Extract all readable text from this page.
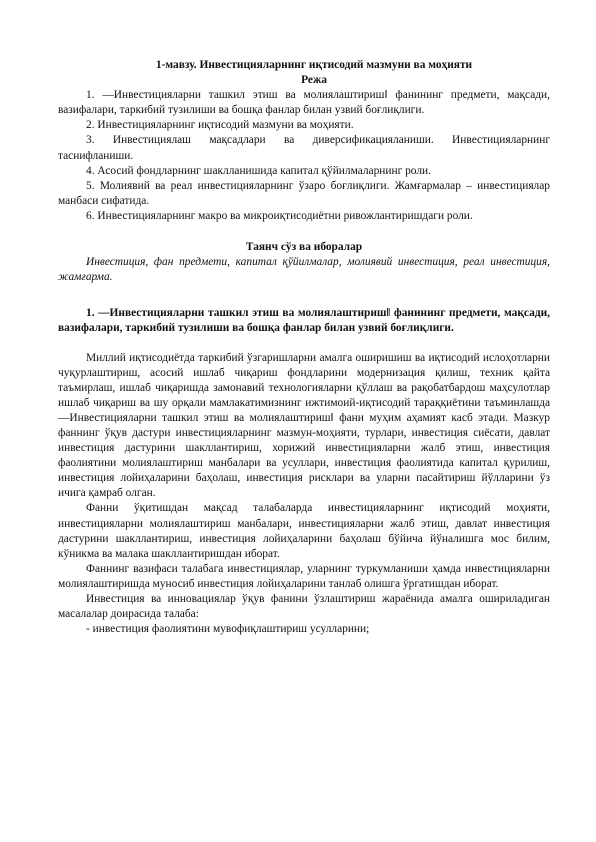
1-мавзу. Инвестицияларнинг иқтисодий мазмуни ва моҳияти

Режа

1. ―Инвестицияларни ташкил этиш ва молиялаштириш‖ фанининг предмети, мақсади, вазифалари, таркибий тузилиши ва бошқа фанлар билан узвий боғлиқлиги.

2. Инвестицияларнинг иқтисодий мазмуни ва моҳияти.

3. Инвестициялаш мақсадлари ва диверсификацияланиши. Инвестицияларнинг таснифланиши.

4. Асосий фондларнинг шаклланишида капитал қўйилмаларнинг роли.

5. Молиявий ва реал инвестицияларнинг ўзаро боғлиқлиги. Жамғармалар – инвестициялар манбаси сифатида.

6. Инвестицияларнинг макро ва микроиқтисодиётни ривожлантиришдаги роли.

Таянч сўз ва иборалар

Инвестиция, фан предмети, капитал қўйилмалар, молиявий инвестиция, реал инвестиция, жамғарма.

1. ―Инвестицияларни ташкил этиш ва молиялаштириш‖ фанининг предмети, мақсади, вазифалари, таркибий тузилиши ва бошқа фанлар билан узвий боғлиқлиги.

Миллий иқтисодиётда таркибий ўзгаришларни амалга оширишиш ва иқтисодий ислоҳотларни чуқурлаштириш, асосий ишлаб чиқариш фондларини модернизация қилиш, техник қайта таъмирлаш, ишлаб чиқаришда замонавий технологияларни қўллаш ва рақобатбардош маҳсулотлар ишлаб чиқариш ва шу орқали мамлакатимизнинг ижтимоий-иқтисодий тараққиётини таъминлашда ―Инвестицияларни ташкил этиш ва молиялаштириш‖ фани муҳим аҳамият касб этади. Мазкур фаннинг ўқув дастури инвестицияларнинг мазмун-моҳияти, турлари, инвестиция сиёсати, давлат инвестиция дастурини шакллантириш, хорижий инвестицияларни жалб этиш, инвестиция фаолиятини молиялаштириш манбалари ва усуллари, инвестиция фаолиятида капитал қурилиш, инвестиция лойиҳаларини баҳолаш, инвестиция рисклари ва уларни пасайтириш йўлларини ўз ичига қамраб олган.

Фанни ўқитишдан мақсад талабаларда инвестицияларнинг иқтисодий моҳияти, инвестицияларни молиялаштириш манбалари, инвестицияларни жалб этиш, давлат инвестиция дастурини шакллантириш, инвестиция лойиҳаларини баҳолаш бўйича йўналишга мос билим, кўникма ва малака шакллантиришдан иборат.

Фаннинг вазифаси талабага инвестициялар, уларнинг туркумланиши ҳамда инвестицияларни молиялаштиришда муносиб инвестиция лойиҳаларини танлаб олишга ўргатишдан иборат.

Инвестиция ва инновациялар ўқув фанини ўзлаштириш жараёнида амалга ошириладиган масалалар доирасида талаба:

- инвестиция фаолиятини мувофиқлаштириш усулларини;
